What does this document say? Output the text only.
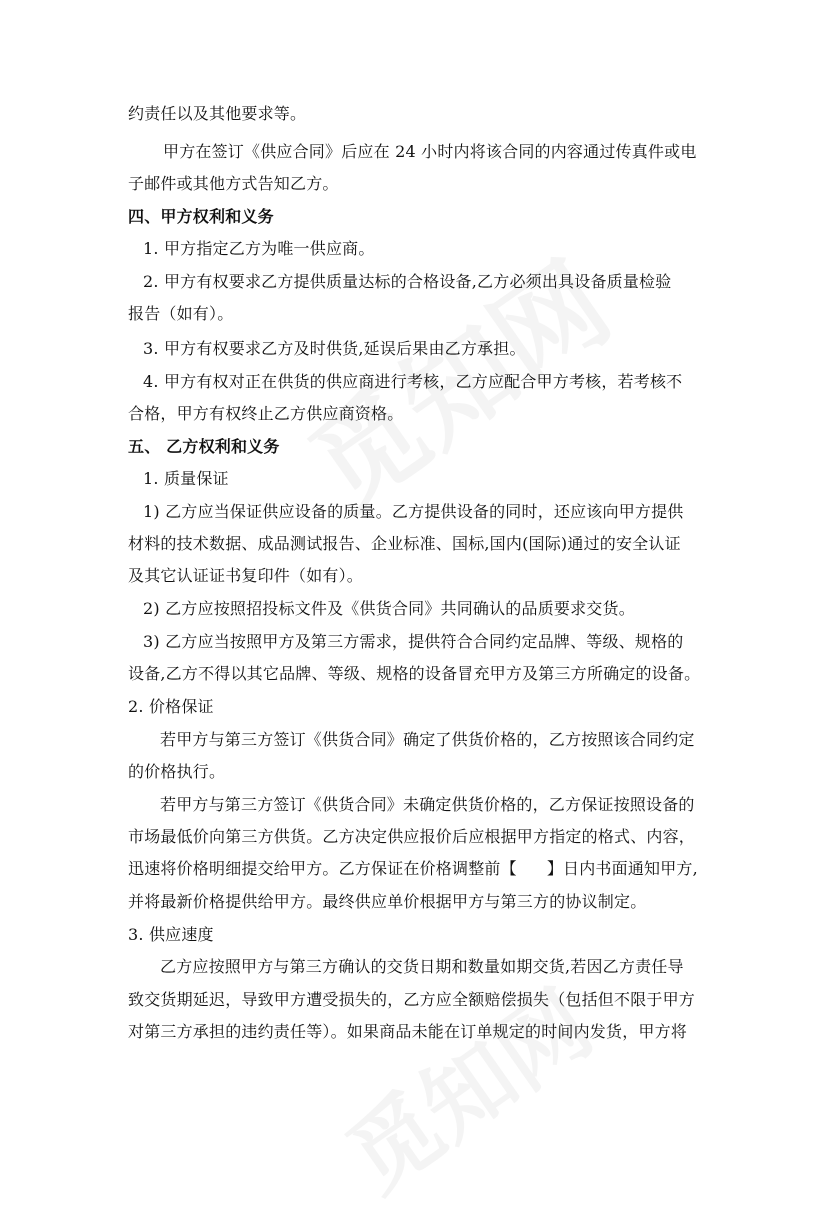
约责任以及其他要求等。
甲方在签订《供应合同》后应在 24 小时内将该合同的内容通过传真件或电
子邮件或其他方式告知乙方。
四、甲方权利和义务
1. 甲方指定乙方为唯一供应商。
2. 甲方有权要求乙方提供质量达标的合格设备,乙方必须出具设备质量检验
报告（如有）。
3. 甲方有权要求乙方及时供货,延误后果由乙方承担。
4. 甲方有权对正在供货的供应商进行考核，乙方应配合甲方考核，若考核不
合格，甲方有权终止乙方供应商资格。
五、 乙方权利和义务
1. 质量保证
1) 乙方应当保证供应设备的质量。乙方提供设备的同时，还应该向甲方提供
材料的技术数据、成品测试报告、企业标准、国标,国内(国际)通过的安全认证
及其它认证证书复印件（如有）。
2) 乙方应按照招投标文件及《供货合同》共同确认的品质要求交货。
3) 乙方应当按照甲方及第三方需求，提供符合合同约定品牌、等级、规格的
设备,乙方不得以其它品牌、等级、规格的设备冒充甲方及第三方所确定的设备。
2. 价格保证
若甲方与第三方签订《供货合同》确定了供货价格的，乙方按照该合同约定
的价格执行。
若甲方与第三方签订《供货合同》未确定供货价格的，乙方保证按照设备的
市场最低价向第三方供货。乙方决定供应报价后应根据甲方指定的格式、内容，
迅速将价格明细提交给甲方。乙方保证在价格调整前【 】日内书面通知甲方,
并将最新价格提供给甲方。最终供应单价根据甲方与第三方的协议制定。
3. 供应速度
乙方应按照甲方与第三方确认的交货日期和数量如期交货,若因乙方责任导
致交货期延迟，导致甲方遭受损失的，乙方应全额赔偿损失（包括但不限于甲方
对第三方承担的违约责任等）。如果商品未能在订单规定的时间内发货，甲方将
